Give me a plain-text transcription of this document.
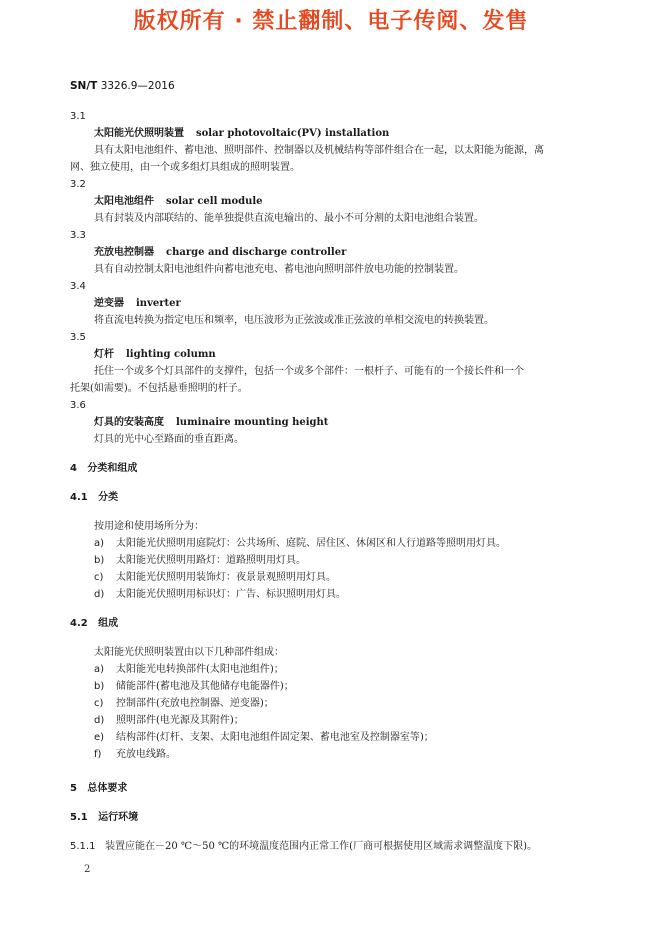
版权所有 · 禁止翻制、电子传阅、发售
SN/T 3326.9—2016
3.1
太阳能光伏照明装置 solar photovoltaic(PV) installation
具有太阳电池组件、蓄电池、照明部件、控制器以及机械结构等部件组合在一起，以太阳能为能源，离
网、独立使用，由一个或多组灯具组成的照明装置。
3.2
太阳电池组件 solar cell module
具有封装及内部联结的、能单独提供直流电输出的、最小不可分割的太阳电池组合装置。
3.3
充放电控制器 charge and discharge controller
具有自动控制太阳电池组件向蓄电池充电、蓄电池向照明部件放电功能的控制装置。
3.4
逆变器 inverter
将直流电转换为指定电压和频率，电压波形为正弦波或准正弦波的单相交流电的转换装置。
3.5
灯杆 lighting column
托住一个或多个灯具部件的支撑件，包括一个或多个部件：一根杆子、可能有的一个接长件和一个
托架(如需要)。不包括悬垂照明的杆子。
3.6
灯具的安装高度 luminaire mounting height
灯具的光中心至路面的垂直距离。
4 分类和组成
4.1 分类
按用途和使用场所分为：
a) 太阳能光伏照明用庭院灯：公共场所、庭院、居住区、休闲区和人行道路等照明用灯具。
b) 太阳能光伏照明用路灯：道路照明用灯具。
c) 太阳能光伏照明用装饰灯：夜景景观照明用灯具。
d) 太阳能光伏照明用标识灯：广告、标识照明用灯具。
4.2 组成
太阳能光伏照明装置由以下几种部件组成：
a) 太阳能光电转换部件(太阳电池组件)；
b) 储能部件(蓄电池及其他储存电能器件)；
c) 控制部件(充放电控制器、逆变器)；
d) 照明部件(电光源及其附件)；
e) 结构部件(灯杆、支架、太阳电池组件固定架、蓄电池室及控制器室等)；
f) 充放电线路。
5 总体要求
5.1 运行环境
5.1.1 装置应能在－20 ℃～50 ℃的环境温度范围内正常工作(厂商可根据使用区域需求调整温度下限)。
2
